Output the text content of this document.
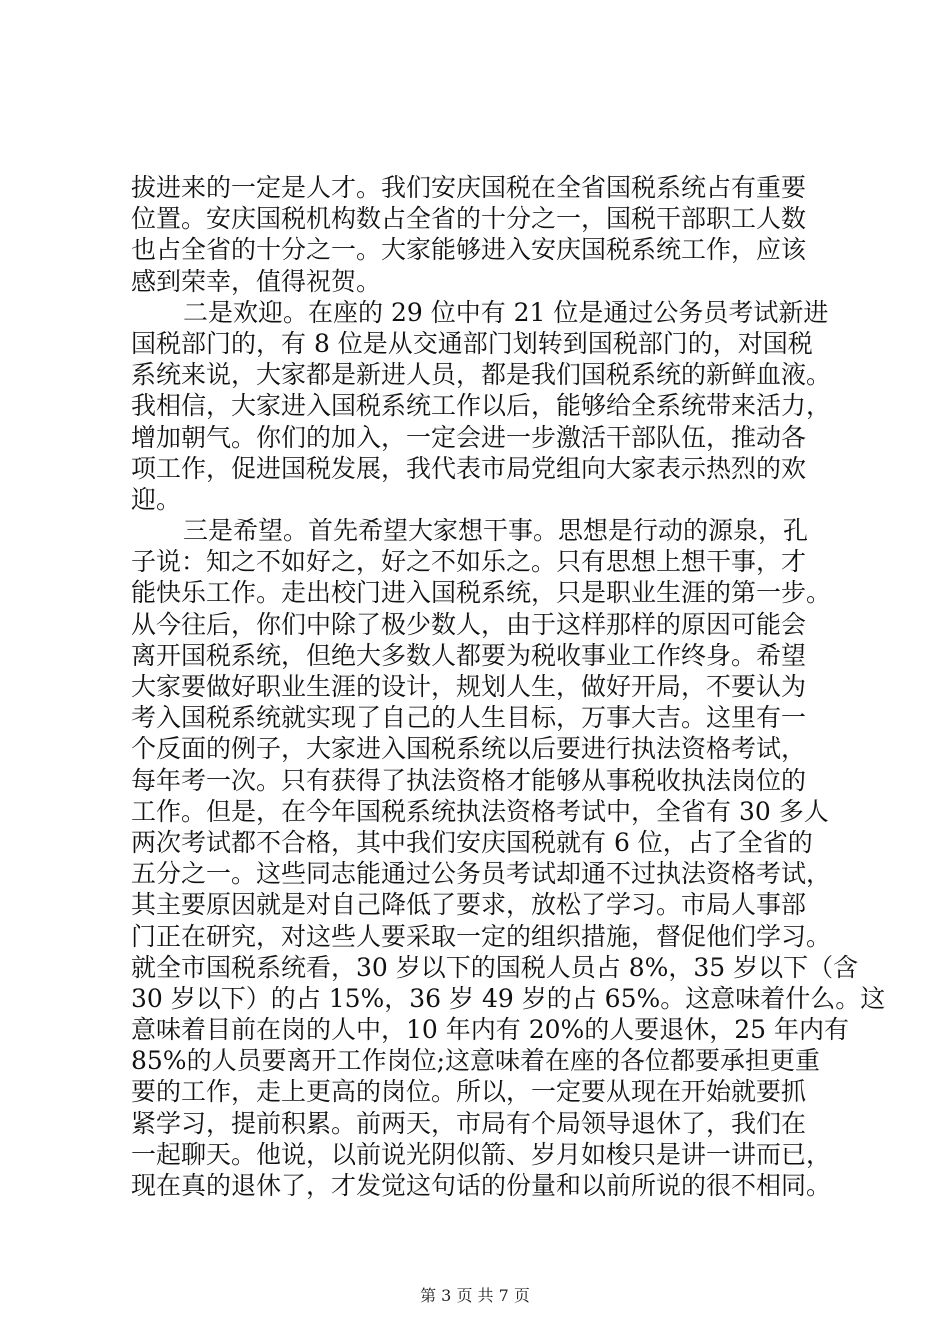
拔进来的一定是人才。我们安庆国税在全省国税系统占有重要
位置。安庆国税机构数占全省的十分之一，国税干部职工人数
也占全省的十分之一。大家能够进入安庆国税系统工作，应该
感到荣幸，值得祝贺。
二是欢迎。在座的 29 位中有 21 位是通过公务员考试新进
国税部门的，有 8 位是从交通部门划转到国税部门的，对国税
系统来说，大家都是新进人员，都是我们国税系统的新鲜血液。
我相信，大家进入国税系统工作以后，能够给全系统带来活力，
增加朝气。你们的加入，一定会进一步激活干部队伍，推动各
项工作，促进国税发展，我代表市局党组向大家表示热烈的欢
迎。
三是希望。首先希望大家想干事。思想是行动的源泉，孔
子说：知之不如好之，好之不如乐之。只有思想上想干事，才
能快乐工作。走出校门进入国税系统，只是职业生涯的第一步。
从今往后，你们中除了极少数人，由于这样那样的原因可能会
离开国税系统，但绝大多数人都要为税收事业工作终身。希望
大家要做好职业生涯的设计，规划人生，做好开局，不要认为
考入国税系统就实现了自己的人生目标，万事大吉。这里有一
个反面的例子，大家进入国税系统以后要进行执法资格考试，
每年考一次。只有获得了执法资格才能够从事税收执法岗位的
工作。但是，在今年国税系统执法资格考试中，全省有 30 多人
两次考试都不合格，其中我们安庆国税就有 6 位，占了全省的
五分之一。这些同志能通过公务员考试却通不过执法资格考试，
其主要原因就是对自己降低了要求，放松了学习。市局人事部
门正在研究，对这些人要采取一定的组织措施，督促他们学习。
就全市国税系统看，30 岁以下的国税人员占 8%，35 岁以下（含
30 岁以下）的占 15%，36 岁 49 岁的占 65%。这意味着什么。这
意味着目前在岗的人中，10 年内有 20%的人要退休，25 年内有
85%的人员要离开工作岗位;这意味着在座的各位都要承担更重
要的工作，走上更高的岗位。所以，一定要从现在开始就要抓
紧学习，提前积累。前两天，市局有个局领导退休了，我们在
一起聊天。他说，以前说光阴似箭、岁月如梭只是讲一讲而已，
现在真的退休了，才发觉这句话的份量和以前所说的很不相同。
第 3 页 共 7 页
